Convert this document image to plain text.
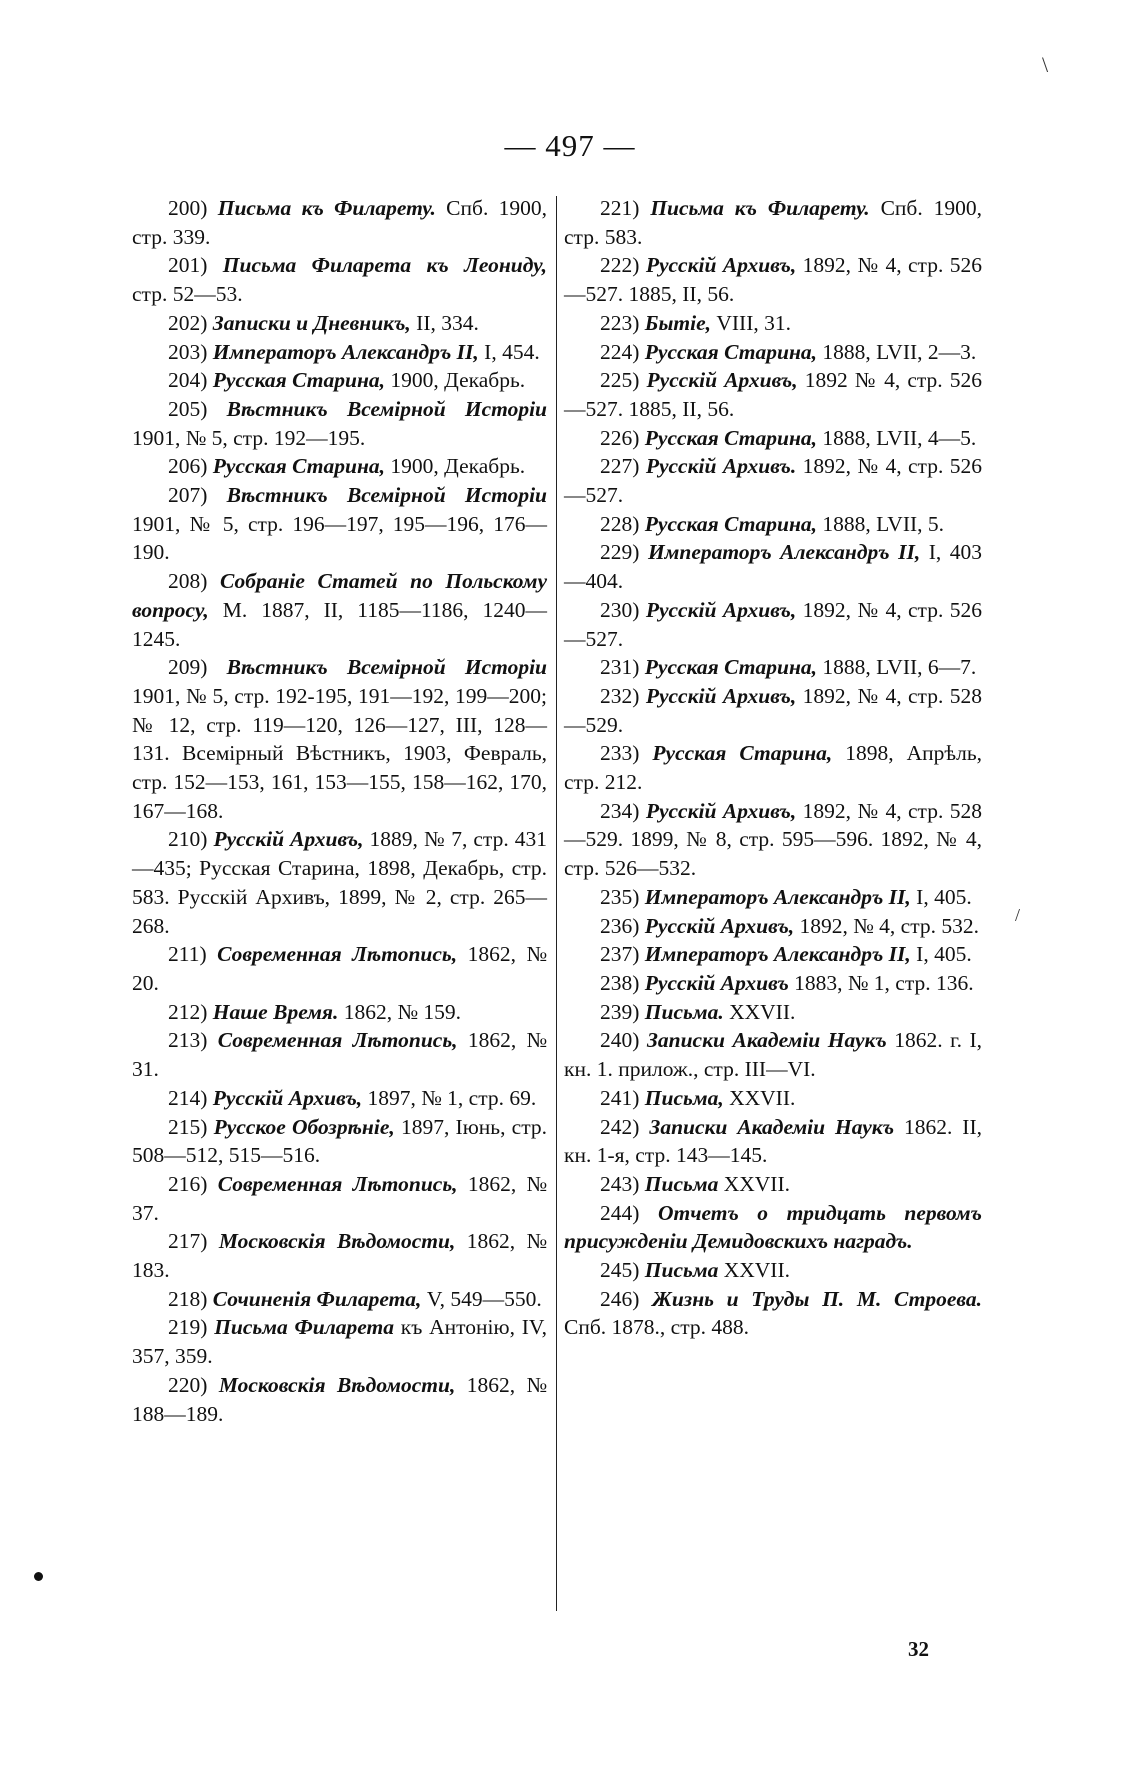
— 497 —

200) Письма къ Филарету. Спб. 1900, стр. 339.

201) Письма Филарета къ Леониду, стр. 52—53.

202) Записки и Дневникъ, II, 334.

203) Императоръ Александръ II, I, 454.

204) Русская Старина, 1900, Декабрь.

205) Вѣстникъ Всемірной Исторіи 1901, № 5, стр. 192—195.

206) Русская Старина, 1900, Декабрь.

207) Вѣстникъ Всемірной Исторіи 1901, № 5, стр. 196—197, 195—196, 176—190.

208) Собраніе Статей по Польскому вопросу, М. 1887, II, 1185—1186, 1240—1245.

209) Вѣстникъ Всемірной Исторіи 1901, № 5, стр. 192-195, 191—192, 199—200; № 12, стр. 119—120, 126—127, III, 128—131. Всемірный Вѣстникъ, 1903, Февраль, стр. 152—153, 161, 153—155, 158—162, 170, 167—168.

210) Русскій Архивъ, 1889, № 7, стр. 431—435; Русская Старина, 1898, Декабрь, стр. 583. Русскій Архивъ, 1899, № 2, стр. 265—268.

211) Современная Лѣтопись, 1862, № 20.

212) Наше Время. 1862, № 159.

213) Современная Лѣтопись, 1862, № 31.

214) Русскій Архивъ, 1897, № 1, стр. 69.

215) Русское Обозрѣніе, 1897, Іюнь, стр. 508—512, 515—516.

216) Современная Лѣтопись, 1862, № 37.

217) Московскія Вѣдомости, 1862, № 183.

218) Сочиненія Филарета, V, 549—550.

219) Письма Филарета къ Антонію, IV, 357, 359.

220) Московскія Вѣдомости, 1862, № 188—189.

221) Письма къ Филарету. Спб. 1900, стр. 583.

222) Русскій Архивъ, 1892, № 4, стр. 526—527. 1885, II, 56.

223) Бытіе, VIII, 31.

224) Русская Старина, 1888, LVII, 2—3.

225) Русскій Архивъ, 1892 № 4, стр. 526—527. 1885, II, 56.

226) Русская Старина, 1888, LVII, 4—5.

227) Русскій Архивъ. 1892, № 4, стр. 526—527.

228) Русская Старина, 1888, LVII, 5.

229) Императоръ Александръ II, I, 403—404.

230) Русскій Архивъ, 1892, № 4, стр. 526—527.

231) Русская Старина, 1888, LVII, 6—7.

232) Русскій Архивъ, 1892, № 4, стр. 528—529.

233) Русская Старина, 1898, Апрѣль, стр. 212.

234) Русскій Архивъ, 1892, № 4, стр. 528—529. 1899, № 8, стр. 595—596. 1892, № 4, стр. 526—532.

235) Императоръ Александръ II, I, 405.

236) Русскій Архивъ, 1892, № 4, стр. 532.

237) Императоръ Александръ II, I, 405.

238) Русскій Архивъ 1883, № 1, стр. 136.

239) Письма. XXVII.

240) Записки Академіи Наукъ 1862. г. I, кн. 1. прилож., стр. III—VI.

241) Письма, XXVII.

242) Записки Академіи Наукъ 1862. II, кн. 1-я, стр. 143—145.

243) Письма XXVII.

244) Отчетъ о тридцать первомъ присужденіи Демидовскихъ наградъ.

245) Письма XXVII.

246) Жизнь и Труды П. М. Строева. Спб. 1878., стр. 488.

32
\
/
